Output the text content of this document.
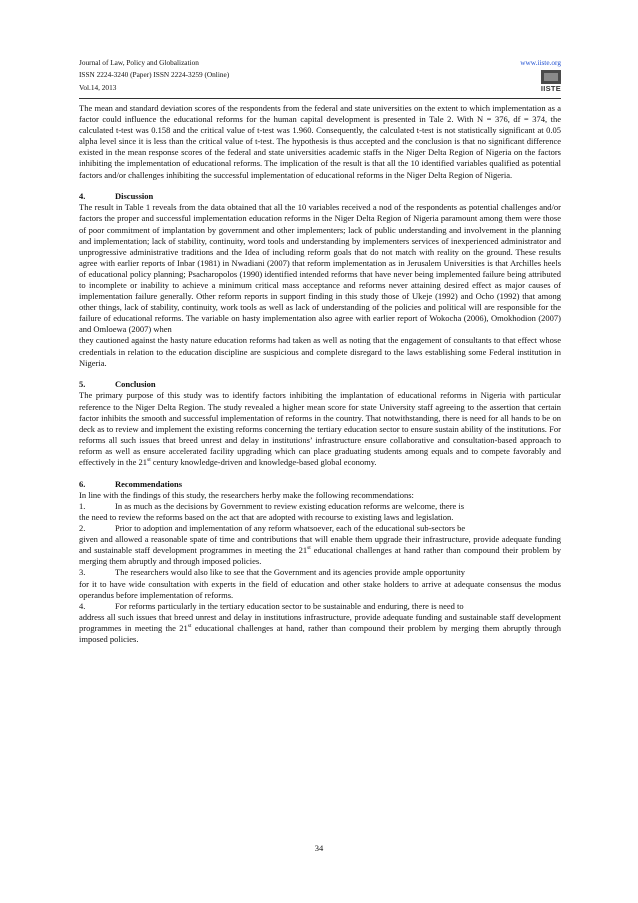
Journal of Law, Policy and Globalization
ISSN 2224-3240 (Paper) ISSN 2224-3259 (Online)
Vol.14, 2013
www.iiste.org
IISTE

The mean and standard deviation scores of the respondents from the federal and state universities on the extent to which implementation as a factor could influence the educational reforms for the human capital development is presented in Tale 2. With N = 376, df = 374, the calculated t-test was 0.158 and the critical value of t-test was 1.960. Consequently, the calculated t-test is not statistically significant at 0.05 alpha level since it is less than the critical value of t-test. The hypothesis is thus accepted and the conclusion is that no significant difference existed in the mean response scores of the federal and state universities academic staffs in the Niger Delta Region of Nigeria on the factors inhibiting the implementation of educational reforms. The implication of the result is that all the 10 identified variables qualified as potential factors and/or challenges inhibiting the successful implementation of educational reforms in the Niger Delta Region of Nigeria.

4.	Discussion

The result in Table 1 reveals from the data obtained that all the 10 variables received a nod of the respondents as potential challenges and/or factors the proper and successful implementation education reforms in the Niger Delta Region of Nigeria paramount among them were those of poor commitment of implantation by government and other implementers; lack of public understanding and involvement in the planning and implementation; lack of stability, continuity, word tools and understanding by implementers services of inexperienced administrator and unprogressive administrative traditions and the Idea of including reform goals that do not match with reality on the ground. These results agree with earlier reports of Inbar (1981) in Nwadiani (2007) that reform implementation as in Jerusalem Universities is that Archilles heels of educational policy planning; Psacharopolos (1990) identified intended reforms that have never being implemented failure being attributed to incomplete or inability to achieve a minimum critical mass acceptance and reforms never attaining desired effect as major causes of implementation failure generally. Other reform reports in support finding in this study those of Ukeje (1992) and Ocho (1992) that among other things, lack of stability, continuity, work tools as well as lack of understanding of the policies and political will are responsible for the failure of educational reforms. The variable on hasty implementation also agree with earlier report of Wokocha (2006), Omokhodion (2007) and Omloewa (2007) when

they cautioned against the hasty nature education reforms had taken as well as noting that the engagement of consultants to that effect whose credentials in relation to the education discipline are suspicious and complete disregard to the laws establishing some Federal institution in Nigeria.

5.	Conclusion

The primary purpose of this study was to identify factors inhibiting the implantation of educational reforms in Nigeria with particular reference to the Niger Delta Region. The study revealed a higher mean score for state University staff agreeing to the assertion that certain factor inhibits the smooth and successful implementation of reforms in the country. That notwithstanding, there is need for all hands to be on deck as to review and implement the existing reforms concerning the tertiary education sector to ensure sustain ability of the institutions. For reforms all such issues that breed unrest and delay in institutions’ infrastructure ensure collaborative and consultation-based approach to reform as well as ensure accelerated facility upgrading which can place graduating students among equals and to compete favorably and effectively in the 21st century knowledge-driven and knowledge-based global economy.

6.	Recommendations

In line with the findings of this study, the researchers herby make the following recommendations:

1.	In as much as the decisions by Government to review existing education reforms are welcome, there is

the need to review the reforms based on the act that are adopted with recourse to existing laws and legislation.

2.	Prior to adoption and implementation of any reform whatsoever, each of the educational sub-sectors be

given and allowed a reasonable spate of time and contributions that will enable them upgrade their infrastructure, provide adequate funding and sustainable staff development programmes in meeting the 21st educational challenges at hand rather than compound their problem by merging them abruptly and through imposed policies.

3.	The researchers would also like to see that the Government and its agencies provide ample opportunity

for it to have wide consultation with experts in the field of education and other stake holders to arrive at adequate consensus the modus operandus before implementation of reforms.

4.	For reforms particularly in the tertiary education sector to be sustainable and enduring, there is need to

address all such issues that breed unrest and delay in institutions infrastructure, provide adequate funding and sustainable staff development programmes in meeting the 21st educational challenges at hand, rather than compound their problem by merging them abruptly through imposed policies.

34
